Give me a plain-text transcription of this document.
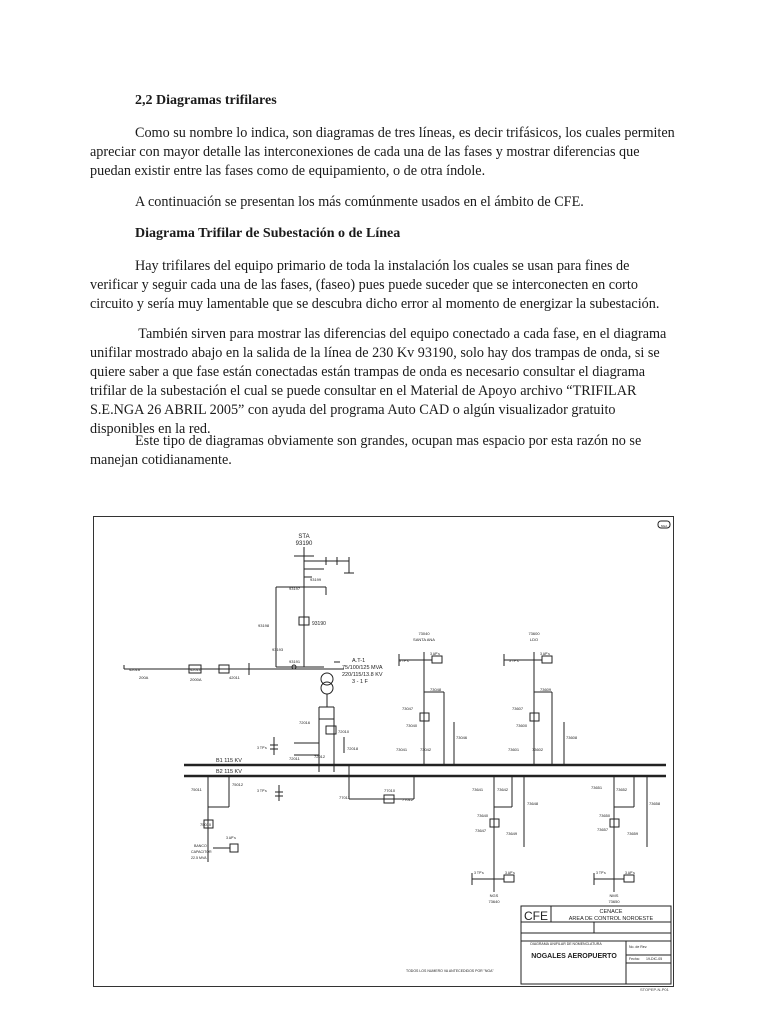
2,2 Diagramas trifilares
Como su nombre lo indica, son diagramas de tres líneas, es decir trifásicos, los cuales permiten apreciar con mayor detalle las interconexiones de cada una de las fases y mostrar diferencias que puedan existir entre las fases como de equipamiento, o de otra índole.
A continuación se presentan los más comúnmente usados en el ámbito de CFE.
Diagrama Trifilar de Subestación o de Línea
Hay trifilares del equipo primario de toda la instalación los cuales se usan para fines de verificar y seguir cada una de las fases, (faseo) pues puede suceder que se interconecten en corto circuito y sería muy lamentable que se descubra dicho error al momento de energizar la subestación.
También sirven para mostrar las diferencias del equipo conectado a cada fase, en el diagrama unifilar mostrado abajo en la salida de la línea de 230 Kv 93190, solo hay dos trampas de onda, si se quiere saber a que fase están conectadas están trampas de onda es necesario consultar el diagrama trifilar de la subestación el cual se puede consultar en el Material de Apoyo archivo “TRIFILAR S.E.NGA 26 ABRIL 2005” con ayuda del programa Auto CAD o algún visualizador gratuito disponibles en la red.
Este tipo de diagramas obviamente son grandes, ocupan mas espacio por esta razón no se manejan cotidianamente.
STA
93190
93199
93197
93198	93190
93193
93191
42016	42010
42011
200A	2000A
A.T-1
75/100/125 MVA
220/115/13.8 KV
3 - 1 F
72016
72010
72011	72012
72018
B1 115 KV
B2 115 KV
73040
SANTA ANA
73048
73047
73040
73041	73042
73046
73600
LDO
73609
73607
73600
73601	73602
73608
75011
75012
75010
BANCO
CAPACITOR
22.5 MVA
77011
77010
77012
73641	73642
73648
73640
73647
73649
NGS
73640
73651	73652
73658
73650
73657
73659
NMS
73650
3 TP's
3 TP's
3 TP's
3 AP's
3 TP's
3 AP's
3 TP's	3 AP's	3 TP's	3 AP's
3 AP's
CFE	CENACE
AREA DE CONTROL NOROESTE
DIAGRAMA UNIFILAR DE NOMENCLATURA
NOGALES AEROPUERTO
No. de Rev.
Fecha: 19-DIC-05
TODOS LOS NUMERO VA ANTECEDIDOS POR "NGA"
NGA
STOPEP-N-P01
